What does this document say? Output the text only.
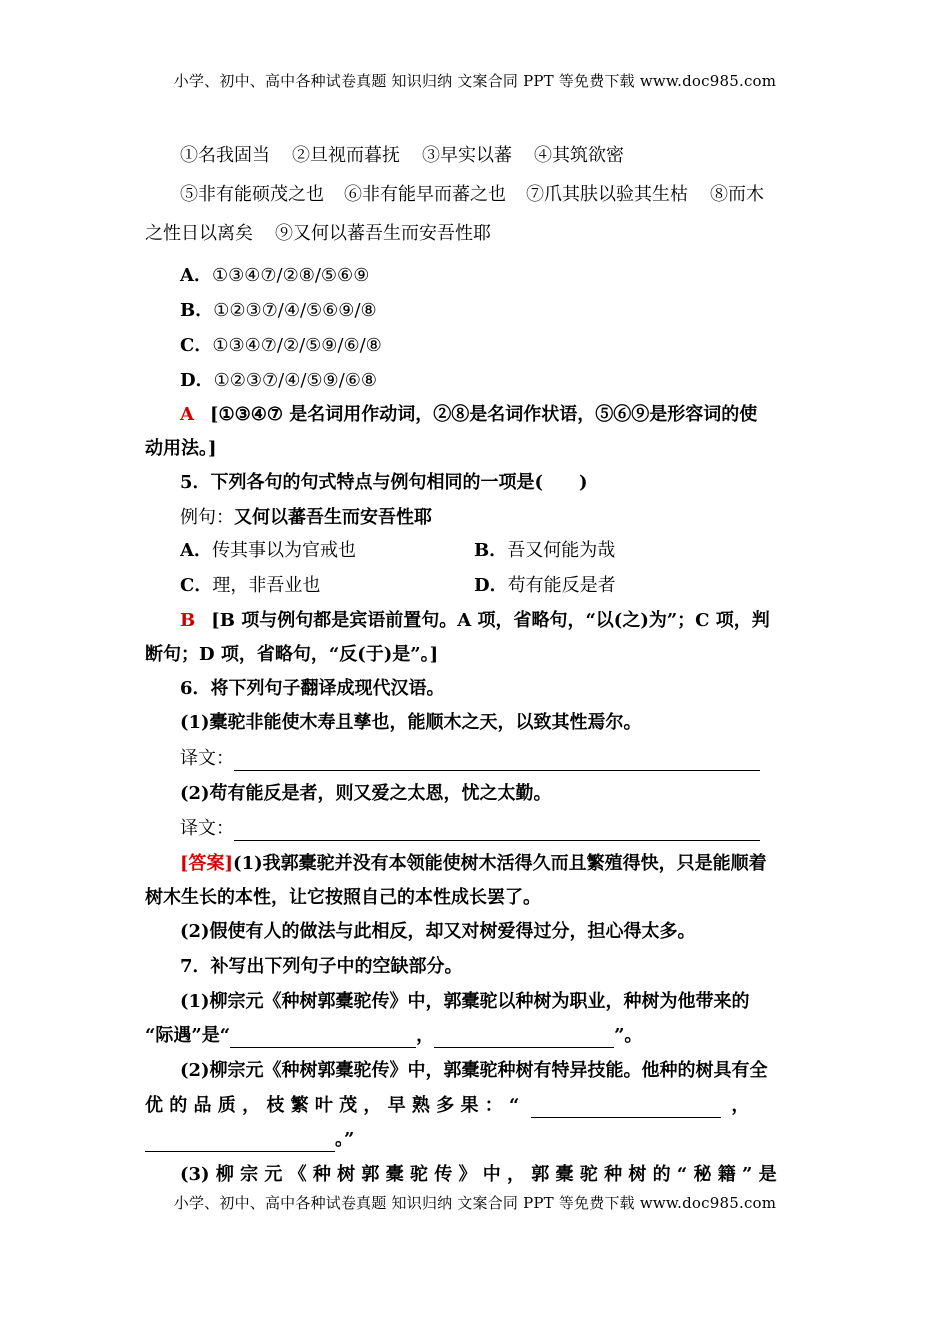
小学、初中、高中各种试卷真题 知识归纳 文案合同 PPT 等免费下载 www.doc985.com
①名我固当 ②旦视而暮抚 ③早实以蕃 ④其筑欲密
⑤非有能硕茂之也 ⑥非有能早而蕃之也 ⑦爪其肤以验其生枯 ⑧而木
之性日以离矣 ⑨又何以蕃吾生而安吾性耶
A．①③④⑦/②⑧/⑤⑥⑨
B．①②③⑦/④/⑤⑥⑨/⑧
C．①③④⑦/②/⑤⑨/⑥/⑧
D．①②③⑦/④/⑤⑨/⑥⑧
A [①③④⑦ 是名词用作动词，②⑧是名词作状语，⑤⑥⑨是形容词的使
动用法。]
5．下列各句的句式特点与例句相同的一项是(　　)
例句：又何以蕃吾生而安吾性耶
A．传其事以为官戒也	B．吾又何能为哉
C．理，非吾业也	D．苟有能反是者
B [B 项与例句都是宾语前置句。A 项，省略句，“以(之)为”；C 项，判
断句；D 项，省略句，“反(于)是”。]
6．将下列句子翻译成现代汉语。
(1)橐驼非能使木寿且孳也，能顺木之天，以致其性焉尔。
译文：
(2)苟有能反是者，则又爱之太恩，忧之太勤。
译文：
[答案](1)我郭橐驼并没有本领能使树木活得久而且繁殖得快，只是能顺着
树木生长的本性，让它按照自己的本性成长罢了。
(2)假使有人的做法与此相反，却又对树爱得过分，担心得太多。
7．补写出下列句子中的空缺部分。
(1)柳宗元《种树郭橐驼传》中，郭橐驼以种树为职业，种树为他带来的
“际遇”是“	，	”。
(2)柳宗元《种树郭橐驼传》中，郭橐驼种树有特异技能。他种的树具有全
优 的 品 质 ， 枝 繁 叶 茂 ， 早 熟 多 果 ： “	，
。”
(3) 柳 宗 元 《 种 树 郭 橐 驼 传 》 中 ， 郭 橐 驼 种 树 的 “ 秘 籍 ” 是
小学、初中、高中各种试卷真题 知识归纳 文案合同 PPT 等免费下载 www.doc985.com
